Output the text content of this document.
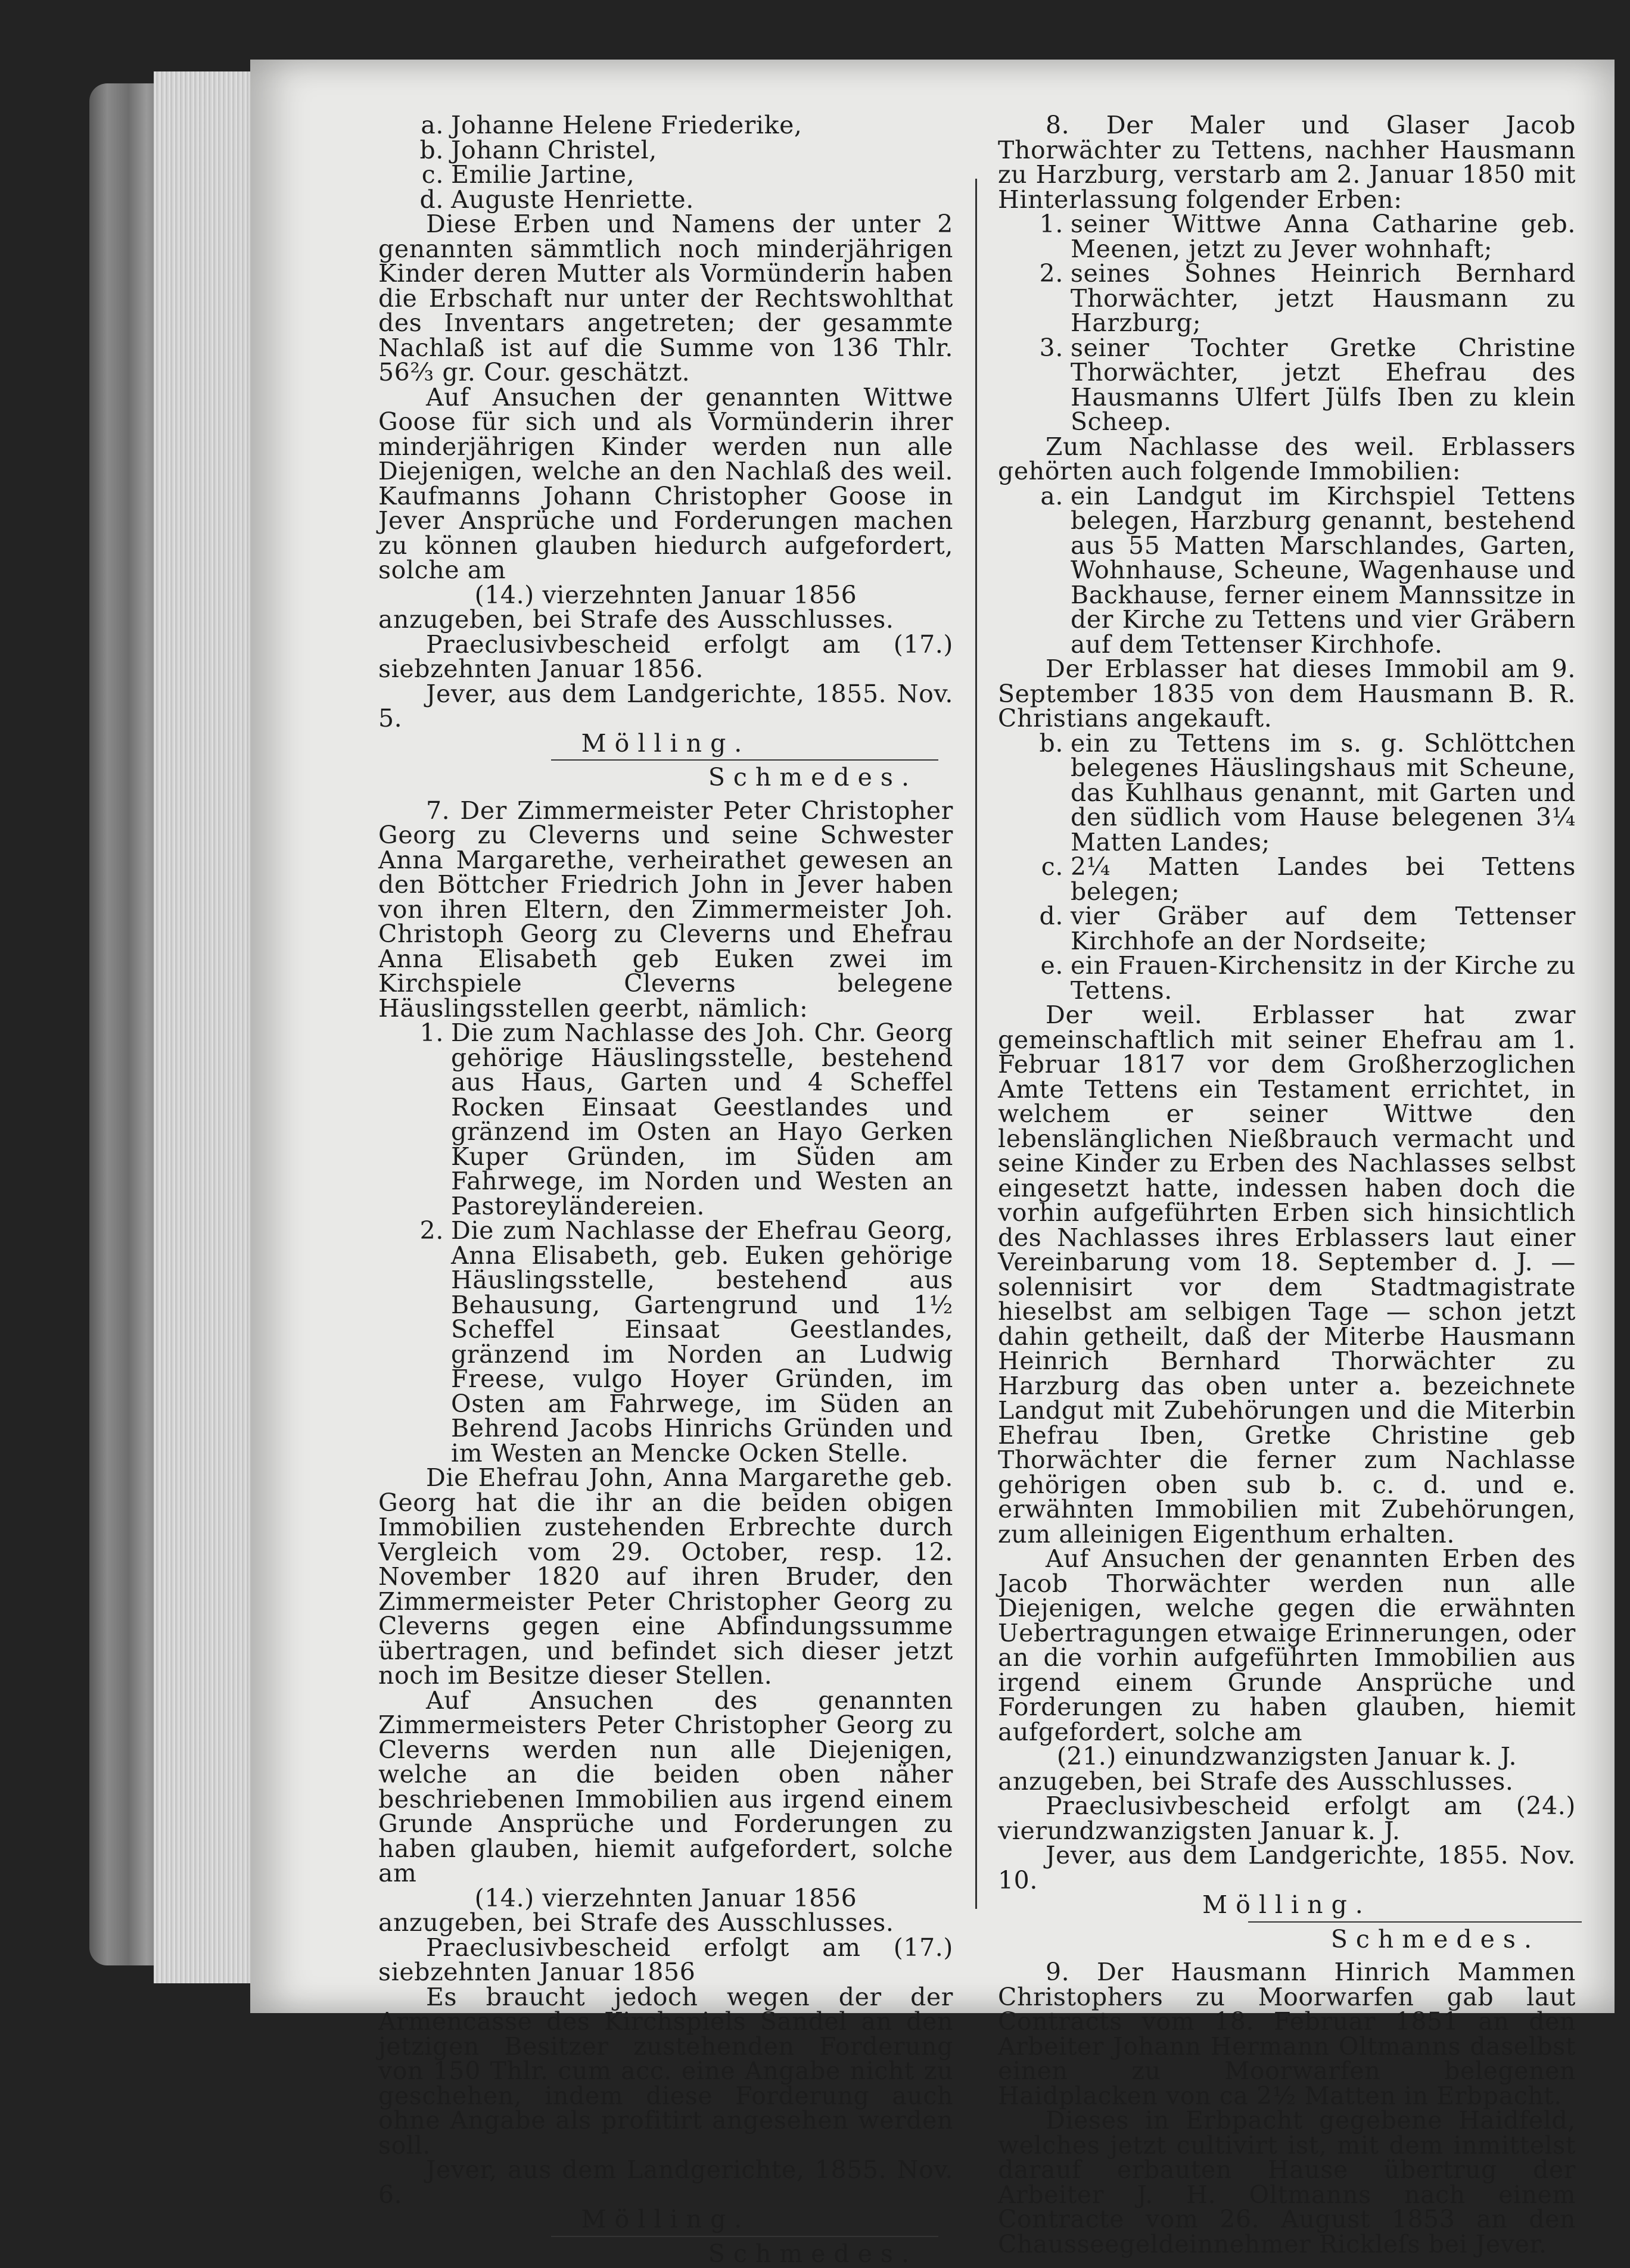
a. Johanne Helene Friederike,
b. Johann Christel,
c. Emilie Jartine,
d. Auguste Henriette.

Diese Erben und Namens der unter 2 genannten sämmtlich noch minderjährigen Kinder deren Mutter als Vormünderin haben die Erbschaft nur unter der Rechtswohlthat des Inventars angetreten; der gesammte Nachlaß ist auf die Summe von 136 Thlr. 56⅔ gr. Cour. geschätzt.

Auf Ansuchen der genannten Wittwe Goose für sich und als Vormünderin ihrer minderjährigen Kinder werden nun alle Diejenigen, welche an den Nachlaß des weil. Kaufmanns Johann Christopher Goose in Jever Ansprüche und Forderungen machen zu können glauben hiedurch aufgefordert, solche am

(14.) vierzehnten Januar 1856

anzugeben, bei Strafe des Ausschlusses.

Praeclusivbescheid erfolgt am (17.) siebzehnten Januar 1856.

Jever, aus dem Landgerichte, 1855. Nov. 5.

Mölling.

Schmedes.

7. Der Zimmermeister Peter Christopher Georg zu Cleverns und seine Schwester Anna Margarethe, verheirathet gewesen an den Böttcher Friedrich John in Jever haben von ihren Eltern, den Zimmermeister Joh. Christoph Georg zu Cleverns und Ehefrau Anna Elisabeth geb Euken zwei im Kirchspiele Cleverns belegene Häuslingsstellen geerbt, nämlich:

1. Die zum Nachlasse des Joh. Chr. Georg gehörige Häuslingsstelle, bestehend aus Haus, Garten und 4 Scheffel Rocken Einsaat Geestlandes und gränzend im Osten an Hayo Gerken Kuper Gründen, im Süden am Fahrwege, im Norden und Westen an Pastoreyländereien.
2. Die zum Nachlasse der Ehefrau Georg, Anna Elisabeth, geb. Euken gehörige Häuslingsstelle, bestehend aus Behausung, Gartengrund und 1½ Scheffel Einsaat Geestlandes, gränzend im Norden an Ludwig Freese, vulgo Hoyer Gründen, im Osten am Fahrwege, im Süden an Behrend Jacobs Hinrichs Gründen und im Westen an Mencke Ocken Stelle.

Die Ehefrau John, Anna Margarethe geb. Georg hat die ihr an die beiden obigen Immobilien zustehenden Erbrechte durch Vergleich vom 29. October, resp. 12. November 1820 auf ihren Bruder, den Zimmermeister Peter Christopher Georg zu Cleverns gegen eine Abfindungssumme übertragen, und befindet sich dieser jetzt noch im Besitze dieser Stellen.

Auf Ansuchen des genannten Zimmermeisters Peter Christopher Georg zu Cleverns werden nun alle Diejenigen, welche an die beiden oben näher beschriebenen Immobilien aus irgend einem Grunde Ansprüche und Forderungen zu haben glauben, hiemit aufgefordert, solche am

(14.) vierzehnten Januar 1856

anzugeben, bei Strafe des Ausschlusses.

Praeclusivbescheid erfolgt am (17.) siebzehnten Januar 1856

Es braucht jedoch wegen der der Armencasse des Kirchspiels Sandel an den jetzigen Besitzer zustehenden Forderung von 150 Thlr. cum acc. eine Angabe nicht zu geschehen, indem diese Forderung auch ohne Angabe als profitirt angesehen werden soll.

Jever, aus dem Landgerichte, 1855. Nov. 6.

Mölling.

Schmedes.

8. Der Maler und Glaser Jacob Thorwächter zu Tettens, nachher Hausmann zu Harzburg, verstarb am 2. Januar 1850 mit Hinterlassung folgender Erben:

1. seiner Wittwe Anna Catharine geb. Meenen, jetzt zu Jever wohnhaft;
2. seines Sohnes Heinrich Bernhard Thorwächter, jetzt Hausmann zu Harzburg;
3. seiner Tochter Gretke Christine Thorwächter, jetzt Ehefrau des Hausmanns Ulfert Jülfs Iben zu klein Scheep.

Zum Nachlasse des weil. Erblassers gehörten auch folgende Immobilien:

a. ein Landgut im Kirchspiel Tettens belegen, Harzburg genannt, bestehend aus 55 Matten Marschlandes, Garten, Wohnhause, Scheune, Wagenhause und Backhause, ferner einem Mannssitze in der Kirche zu Tettens und vier Gräbern auf dem Tettenser Kirchhofe.

Der Erblasser hat dieses Immobil am 9. September 1835 von dem Hausmann B. R. Christians angekauft.

b. ein zu Tettens im s. g. Schlöttchen belegenes Häuslingshaus mit Scheune, das Kuhlhaus genannt, mit Garten und den südlich vom Hause belegenen 3¼ Matten Landes;
c. 2¼ Matten Landes bei Tettens belegen;
d. vier Gräber auf dem Tettenser Kirchhofe an der Nordseite;
e. ein Frauen-Kirchensitz in der Kirche zu Tettens.

Der weil. Erblasser hat zwar gemeinschaftlich mit seiner Ehefrau am 1. Februar 1817 vor dem Großherzoglichen Amte Tettens ein Testament errichtet, in welchem er seiner Wittwe den lebenslänglichen Nießbrauch vermacht und seine Kinder zu Erben des Nachlasses selbst eingesetzt hatte, indessen haben doch die vorhin aufgeführten Erben sich hinsichtlich des Nachlasses ihres Erblassers laut einer Vereinbarung vom 18. September d. J. — solennisirt vor dem Stadtmagistrate hieselbst am selbigen Tage — schon jetzt dahin getheilt, daß der Miterbe Hausmann Heinrich Bernhard Thorwächter zu Harzburg das oben unter a. bezeichnete Landgut mit Zubehörungen und die Miterbin Ehefrau Iben, Gretke Christine geb Thorwächter die ferner zum Nachlasse gehörigen oben sub b. c. d. und e. erwähnten Immobilien mit Zubehörungen, zum alleinigen Eigenthum erhalten.

Auf Ansuchen der genannten Erben des Jacob Thorwächter werden nun alle Diejenigen, welche gegen die erwähnten Uebertragungen etwaige Erinnerungen, oder an die vorhin aufgeführten Immobilien aus irgend einem Grunde Ansprüche und Forderungen zu haben glauben, hiemit aufgefordert, solche am

(21.) einundzwanzigsten Januar k. J.

anzugeben, bei Strafe des Ausschlusses.

Praeclusivbescheid erfolgt am (24.) vierundzwanzigsten Januar k. J.

Jever, aus dem Landgerichte, 1855. Nov. 10.

Mölling.

Schmedes.

9. Der Hausmann Hinrich Mammen Christophers zu Moorwarfen gab laut Contracts vom 18. Februar 1851 an den Arbeiter Johann Hermann Oltmanns daselbst einen zu Moorwarfen belegenen Haidplacken von ca 2½ Matten in Erbpacht.

Dieses in Erbpacht gegebene Haidfeld, welches jetzt cultivirt ist, mit dem inmittelst darauf erbauten Hause übertrug der Arbeiter J. H. Oltmanns nach einem Contracte vom 26. August 1853 an den Chausseegeldeinnehmer Rickleſs bei Jever.
